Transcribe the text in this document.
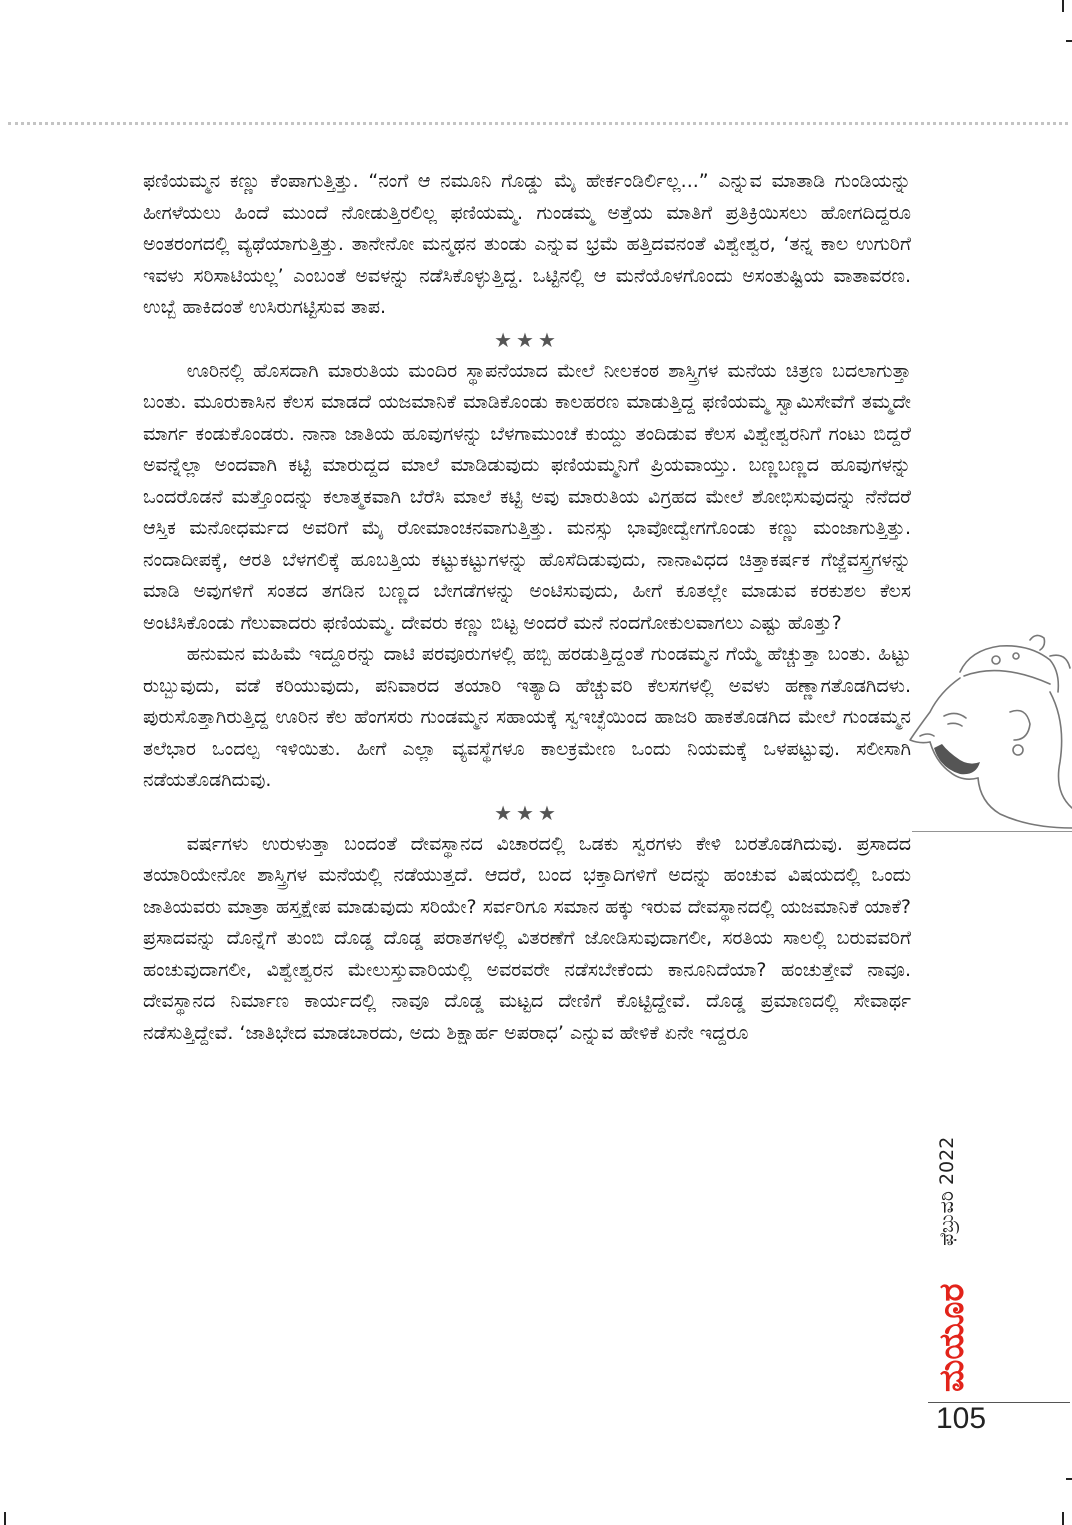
ಫಣಿಯಮ್ಮನ ಕಣ್ಣು ಕೆಂಪಾಗುತ್ತಿತ್ತು. “ನಂಗೆ ಆ ನಮೂನಿ ಗೊಡ್ಡು ಮೈ ಹೇರ್ಕಂಡಿರ್ಲಿಲ್ಲ...” ಎನ್ನುವ ಮಾತಾಡಿ ಗುಂಡಿಯನ್ನು ಹೀಗಳೆಯಲು ಹಿಂದೆ ಮುಂದೆ ನೋಡುತ್ತಿರಲಿಲ್ಲ ಫಣಿಯಮ್ಮ. ಗುಂಡಮ್ಮ ಅತ್ತೆಯ ಮಾತಿಗೆ ಪ್ರತಿಕ್ರಿಯಿಸಲು ಹೋಗದಿದ್ದರೂ ಅಂತರಂಗದಲ್ಲಿ ವ್ಯಥೆಯಾಗುತ್ತಿತ್ತು. ತಾನೇನೋ ಮನ್ಮಥನ ತುಂಡು ಎನ್ನುವ ಭ್ರಮೆ ಹತ್ತಿದವನಂತೆ ವಿಶ್ವೇಶ್ವರ, ‘ತನ್ನ ಕಾಲ ಉಗುರಿಗೆ ಇವಳು ಸರಿಸಾಟಿಯಲ್ಲ’ ಎಂಬಂತೆ ಅವಳನ್ನು ನಡೆಸಿಕೊಳ್ಳುತ್ತಿದ್ದ. ಒಟ್ಟಿನಲ್ಲಿ ಆ ಮನೆಯೊಳಗೊಂದು ಅಸಂತುಷ್ಟಿಯ ವಾತಾವರಣ. ಉಬ್ಬೆ ಹಾಕಿದಂತೆ ಉಸಿರುಗಟ್ಟಿಸುವ ತಾಪ.

★★★

ಊರಿನಲ್ಲಿ ಹೊಸದಾಗಿ ಮಾರುತಿಯ ಮಂದಿರ ಸ್ಥಾಪನೆಯಾದ ಮೇಲೆ ನೀಲಕಂಠ ಶಾಸ್ತ್ರಿಗಳ ಮನೆಯ ಚಿತ್ರಣ ಬದಲಾಗುತ್ತಾ ಬಂತು. ಮೂರುಕಾಸಿನ ಕೆಲಸ ಮಾಡದೆ ಯಜಮಾನಿಕೆ ಮಾಡಿಕೊಂಡು ಕಾಲಹರಣ ಮಾಡುತ್ತಿದ್ದ ಫಣಿಯಮ್ಮ ಸ್ವಾಮಿಸೇವೆಗೆ ತಮ್ಮದೇ ಮಾರ್ಗ ಕಂಡುಕೊಂಡರು. ನಾನಾ ಜಾತಿಯ ಹೂವುಗಳನ್ನು ಬೆಳಗಾಮುಂಚೆ ಕುಯ್ದು ತಂದಿಡುವ ಕೆಲಸ ವಿಶ್ವೇಶ್ವರನಿಗೆ ಗಂಟು ಬಿದ್ದರೆ ಅವನ್ನೆಲ್ಲಾ ಅಂದವಾಗಿ ಕಟ್ಟಿ ಮಾರುದ್ದದ ಮಾಲೆ ಮಾಡಿಡುವುದು ಫಣಿಯಮ್ಮನಿಗೆ ಪ್ರಿಯವಾಯ್ತು. ಬಣ್ಣಬಣ್ಣದ ಹೂವುಗಳನ್ನು ಒಂದರೊಡನೆ ಮತ್ತೊಂದನ್ನು ಕಲಾತ್ಮಕವಾಗಿ ಬೆರೆಸಿ ಮಾಲೆ ಕಟ್ಟಿ ಅವು ಮಾರುತಿಯ ವಿಗ್ರಹದ ಮೇಲೆ ಶೋಭಿಸುವುದನ್ನು ನೆನೆದರೆ ಆಸ್ತಿಕ ಮನೋಧರ್ಮದ ಅವರಿಗೆ ಮೈ ರೋಮಾಂಚನವಾಗುತ್ತಿತ್ತು. ಮನಸ್ಸು ಭಾವೋದ್ವೇಗಗೊಂಡು ಕಣ್ಣು ಮಂಜಾಗುತ್ತಿತ್ತು. ನಂದಾದೀಪಕ್ಕೆ, ಆರತಿ ಬೆಳಗಲಿಕ್ಕೆ ಹೂಬತ್ತಿಯ ಕಟ್ಟುಕಟ್ಟುಗಳನ್ನು ಹೊಸೆದಿಡುವುದು, ನಾನಾವಿಧದ ಚಿತ್ತಾಕರ್ಷಕ ಗೆಜ್ಜೆವಸ್ತ್ರಗಳನ್ನು ಮಾಡಿ ಅವುಗಳಿಗೆ ಸಂತದ ತಗಡಿನ ಬಣ್ಣದ ಬೇಗಡೆಗಳನ್ನು ಅಂಟಿಸುವುದು, ಹೀಗೆ ಕೂತಲ್ಲೇ ಮಾಡುವ ಕರಕುಶಲ ಕೆಲಸ ಅಂಟಿಸಿಕೊಂಡು ಗೆಲುವಾದರು ಫಣಿಯಮ್ಮ. ದೇವರು ಕಣ್ಣು ಬಿಟ್ಟ ಅಂದರೆ ಮನೆ ನಂದಗೋಕುಲವಾಗಲು ಎಷ್ಟು ಹೊತ್ತು?

ಹನುಮನ ಮಹಿಮೆ ಇದ್ದೂರನ್ನು ದಾಟಿ ಪರವೂರುಗಳಲ್ಲಿ ಹಬ್ಬಿ ಹರಡುತ್ತಿದ್ದಂತೆ ಗುಂಡಮ್ಮನ ಗೆಯ್ಮೆ ಹೆಚ್ಚುತ್ತಾ ಬಂತು. ಹಿಟ್ಟು ರುಬ್ಬುವುದು, ವಡೆ ಕರಿಯುವುದು, ಪನಿವಾರದ ತಯಾರಿ ಇತ್ಯಾದಿ ಹೆಚ್ಚುವರಿ ಕೆಲಸಗಳಲ್ಲಿ ಅವಳು ಹಣ್ಣಾಗತೊಡಗಿದಳು. ಪುರುಸೊತ್ತಾಗಿರುತ್ತಿದ್ದ ಊರಿನ ಕೆಲ ಹೆಂಗಸರು ಗುಂಡಮ್ಮನ ಸಹಾಯಕ್ಕೆ ಸ್ವಇಚ್ಛೆಯಿಂದ ಹಾಜರಿ ಹಾಕತೊಡಗಿದ ಮೇಲೆ ಗುಂಡಮ್ಮನ ತಲೆಭಾರ ಒಂದಲ್ಪ ಇಳಿಯಿತು. ಹೀಗೆ ಎಲ್ಲಾ ವ್ಯವಸ್ಥೆಗಳೂ ಕಾಲಕ್ರಮೇಣ ಒಂದು ನಿಯಮಕ್ಕೆ ಒಳಪಟ್ಟುವು. ಸಲೀಸಾಗಿ ನಡೆಯತೊಡಗಿದುವು.

★★★

ವರ್ಷಗಳು ಉರುಳುತ್ತಾ ಬಂದಂತೆ ದೇವಸ್ಥಾನದ ವಿಚಾರದಲ್ಲಿ ಒಡಕು ಸ್ವರಗಳು ಕೇಳಿ ಬರತೊಡಗಿದುವು. ಪ್ರಸಾದದ ತಯಾರಿಯೇನೋ ಶಾಸ್ತ್ರಿಗಳ ಮನೆಯಲ್ಲಿ ನಡೆಯುತ್ತದೆ. ಆದರೆ, ಬಂದ ಭಕ್ತಾದಿಗಳಿಗೆ ಅದನ್ನು ಹಂಚುವ ವಿಷಯದಲ್ಲಿ ಒಂದು ಜಾತಿಯವರು ಮಾತ್ರಾ ಹಸ್ತಕ್ಷೇಪ ಮಾಡುವುದು ಸರಿಯೇ? ಸರ್ವರಿಗೂ ಸಮಾನ ಹಕ್ಕು ಇರುವ ದೇವಸ್ಥಾನದಲ್ಲಿ ಯಜಮಾನಿಕೆ ಯಾಕೆ? ಪ್ರಸಾದವನ್ನು ದೊನ್ನೆಗೆ ತುಂಬಿ ದೊಡ್ಡ ದೊಡ್ಡ ಪರಾತಗಳಲ್ಲಿ ವಿತರಣೆಗೆ ಜೋಡಿಸುವುದಾಗಲೀ, ಸರತಿಯ ಸಾಲಲ್ಲಿ ಬರುವವರಿಗೆ ಹಂಚುವುದಾಗಲೀ, ವಿಶ್ವೇಶ್ವರನ ಮೇಲುಸ್ತುವಾರಿಯಲ್ಲಿ ಅವರವರೇ ನಡೆಸಬೇಕೆಂದು ಕಾನೂನಿದೆಯಾ? ಹಂಚುತ್ತೇವೆ ನಾವೂ. ದೇವಸ್ಥಾನದ ನಿರ್ಮಾಣ ಕಾರ್ಯದಲ್ಲಿ ನಾವೂ ದೊಡ್ಡ ಮಟ್ಟದ ದೇಣಿಗೆ ಕೊಟ್ಟಿದ್ದೇವೆ. ದೊಡ್ಡ ಪ್ರಮಾಣದಲ್ಲಿ ಸೇವಾರ್ಥ ನಡೆಸುತ್ತಿದ್ದೇವೆ. ‘ಜಾತಿಭೇದ ಮಾಡಬಾರದು, ಅದು ಶಿಕ್ಷಾರ್ಹ ಅಪರಾಧ’ ಎನ್ನುವ ಹೇಳಿಕೆ ಏನೇ ಇದ್ದರೂ

ಫೆಬ್ರುವರಿ 2022
ಮಯೂರ
105
